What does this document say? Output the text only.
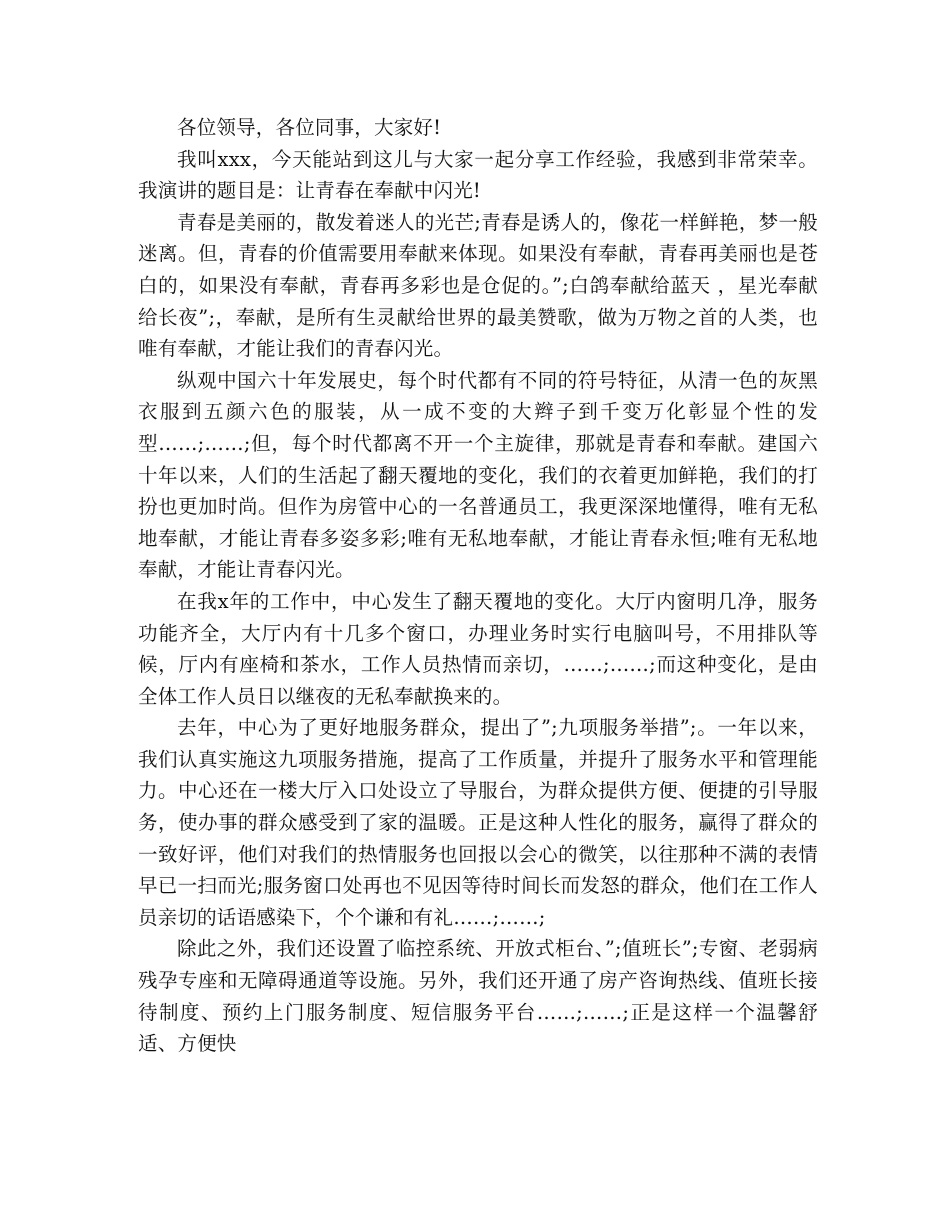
各位领导，各位同事，大家好!

我叫xxx，今天能站到这儿与大家一起分享工作经验，我感到非常荣幸。我演讲的题目是：让青春在奉献中闪光!

青春是美丽的，散发着迷人的光芒;青春是诱人的，像花一样鲜艳，梦一般迷离。但，青春的价值需要用奉献来体现。如果没有奉献，青春再美丽也是苍白的，如果没有奉献，青春再多彩也是仓促的。”;白鸽奉献给蓝天 ，星光奉献给长夜”;，奉献，是所有生灵献给世界的最美赞歌，做为万物之首的人类，也唯有奉献，才能让我们的青春闪光。

纵观中国六十年发展史，每个时代都有不同的符号特征，从清一色的灰黑衣服到五颜六色的服装，从一成不变的大辫子到千变万化彰显个性的发型……;……;但，每个时代都离不开一个主旋律，那就是青春和奉献。建国六十年以来，人们的生活起了翻天覆地的变化，我们的衣着更加鲜艳，我们的打扮也更加时尚。但作为房管中心的一名普通员工，我更深深地懂得，唯有无私地奉献，才能让青春多姿多彩;唯有无私地奉献，才能让青春永恒;唯有无私地奉献，才能让青春闪光。

在我x年的工作中，中心发生了翻天覆地的变化。大厅内窗明几净，服务功能齐全，大厅内有十几多个窗口，办理业务时实行电脑叫号，不用排队等候，厅内有座椅和茶水，工作人员热情而亲切，……;……;而这种变化，是由全体工作人员日以继夜的无私奉献换来的。

去年，中心为了更好地服务群众，提出了”;九项服务举措”;。一年以来，我们认真实施这九项服务措施，提高了工作质量，并提升了服务水平和管理能力。中心还在一楼大厅入口处设立了导服台，为群众提供方便、便捷的引导服务，使办事的群众感受到了家的温暖。正是这种人性化的服务，赢得了群众的一致好评，他们对我们的热情服务也回报以会心的微笑，以往那种不满的表情早已一扫而光;服务窗口处再也不见因等待时间长而发怒的群众，他们在工作人员亲切的话语感染下，个个谦和有礼……;……;

除此之外，我们还设置了临控系统、开放式柜台、”;值班长”;专窗、老弱病残孕专座和无障碍通道等设施。另外，我们还开通了房产咨询热线、值班长接待制度、预约上门服务制度、短信服务平台……;……;正是这样一个温馨舒适、方便快
